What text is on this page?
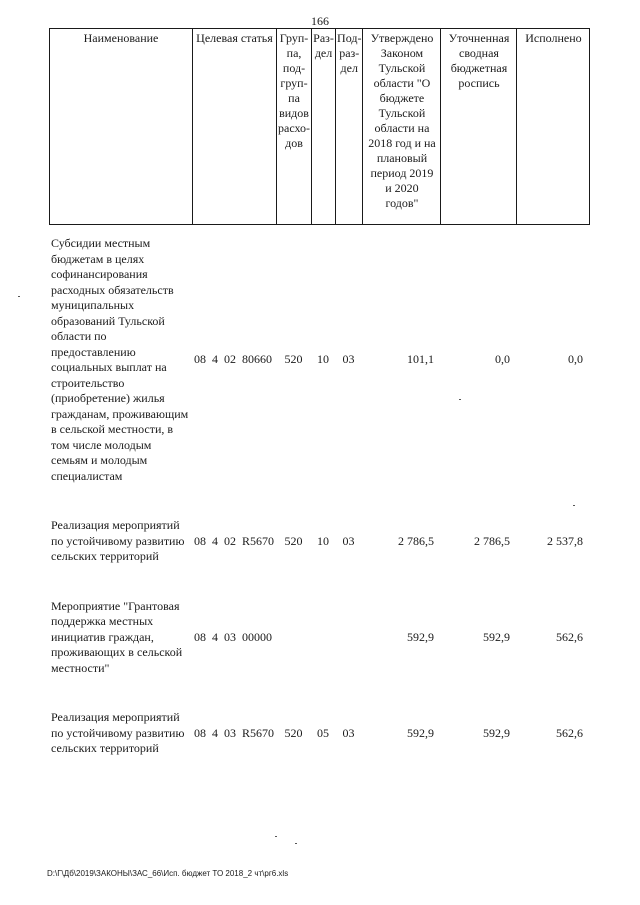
166
Наименование	Целевая статья	Груп-
па,
под-
груп-
па
видов
расхо-
дов	Раз-
дел	Под-
раз-
дел	Утверждено
Законом
Тульской
области "О
бюджете
Тульской
области на
2018 год и на
плановый
период 2019
и 2020
годов"	Уточненная
сводная
бюджетная
роспись	Исполнено
Субсидии местным бюджетам в целях софинансирования расходных обязательств муниципальных образований Тульской области по предоставлению социальных выплат на строительство (приобретение) жилья гражданам, проживающим в сельской местности, в том числе молодым семьям и молодым специалистам	08 4 02 80660	520	10	03	101,1	0,0	0,0

Реализация мероприятий по устойчивому развитию сельских территорий	08 4 02 R5670	520	10	03	2 786,5	2 786,5	2 537,8

Мероприятие "Грантовая поддержка местных инициатив граждан, проживающих в сельской местности"	08 4 03 00000				592,9	592,9	562,6

Реализация мероприятий по устойчивому развитию сельских территорий	08 4 03 R5670	520	05	03	592,9	592,9	562,6
D:\Г\Дб\2019\ЗАКОНЫ\ЗАС_66\Исп. бюджет ТО 2018_2 чт\рг6.xls
